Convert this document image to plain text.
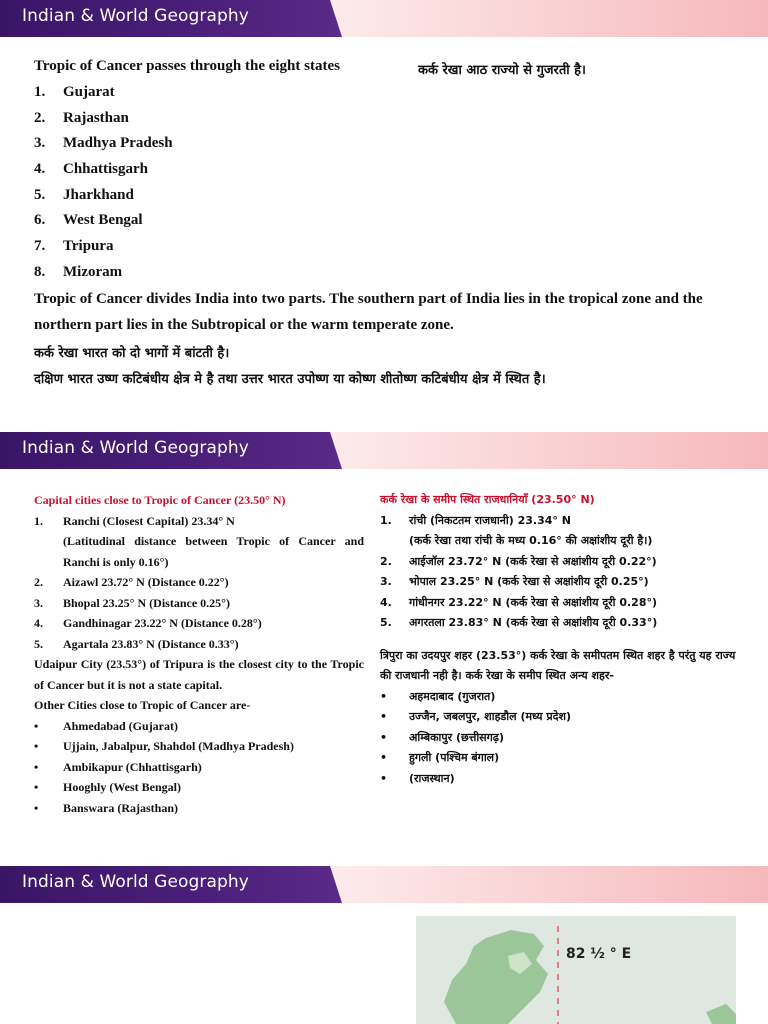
Indian & World Geography
Tropic of Cancer passes through the eight states	कर्क रेखा आठ राज्यो से गुजरती है।
1. Gujarat
2. Rajasthan
3. Madhya Pradesh
4. Chhattisgarh
5. Jharkhand
6. West Bengal
7. Tripura
8. Mizoram
Tropic of Cancer divides India into two parts. The southern part of India lies in the tropical zone and the northern part lies in the Subtropical or the warm temperate zone.
कर्क रेखा भारत को दो भागों में बांटती है।
दक्षिण भारत उष्ण कटिबंधीय क्षेत्र मे है तथा उत्तर भारत उपोष्ण या कोष्ण शीतोष्ण कटिबंधीय क्षेत्र में स्थित है।
Indian & World Geography
Capital cities close to Tropic of Cancer (23.50° N)
1. Ranchi (Closest Capital) 23.34° N
(Latitudinal distance between Tropic of Cancer and Ranchi is only 0.16°)
2. Aizawl 23.72° N (Distance 0.22°)
3. Bhopal 23.25° N (Distance 0.25°)
4. Gandhinagar 23.22° N (Distance 0.28°)
5. Agartala 23.83° N (Distance 0.33°)
Udaipur City (23.53°) of Tripura is the closest city to the Tropic of Cancer but it is not a state capital.
Other Cities close to Tropic of Cancer are-
• Ahmedabad (Gujarat)
• Ujjain, Jabalpur, Shahdol (Madhya Pradesh)
• Ambikapur (Chhattisgarh)
• Hooghly (West Bengal)
• Banswara (Rajasthan)
कर्क रेखा के समीप स्थित राजधानियाँ (23.50° N)
1. रांची (निकटतम राजधानी) 23.34° N
(कर्क रेखा तथा रांची के मध्य 0.16° की अक्षांशीय दूरी है।)
2. आईजॉल 23.72° N (कर्क रेखा से अक्षांशीय दूरी 0.22°)
3. भोपाल 23.25° N (कर्क रेखा से अक्षांशीय दूरी 0.25°)
4. गांधीनगर 23.22° N (कर्क रेखा से अक्षांशीय दूरी 0.28°)
5. अगरतला 23.83° N (कर्क रेखा से अक्षांशीय दूरी 0.33°)
त्रिपुरा का उदयपुर शहर (23.53°) कर्क रेखा के समीपतम स्थित शहर है परंतु यह राज्य की राजधानी नही है। कर्क रेखा के समीप स्थित अन्य शहर-
• अहमदाबाद (गुजरात)
• उज्जैन, जबलपुर, शाहडौल (मध्य प्रदेश)
• अम्बिकापुर (छत्तीसगढ़)
• हुगली (पश्चिम बंगाल)
• (राजस्थान)
Indian & World Geography
82 ½ ° E
